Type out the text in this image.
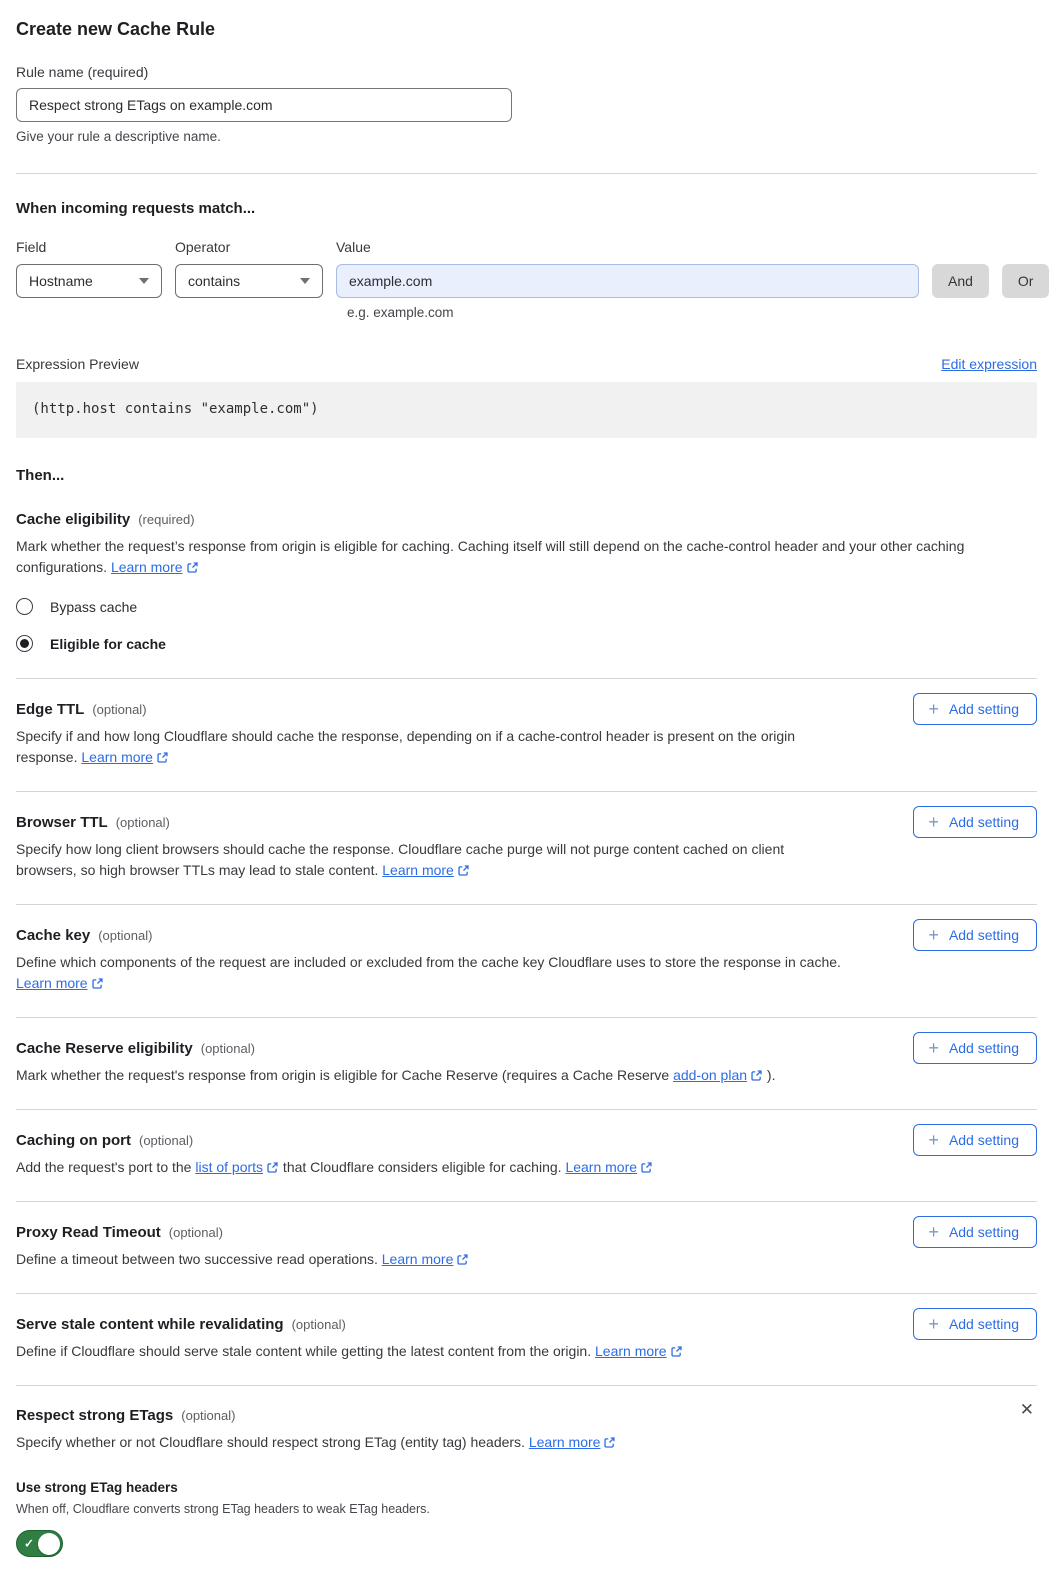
Create new Cache Rule
Rule name (required)
Respect strong ETags on example.com
Give your rule a descriptive name.
When incoming requests match...
Field
Hostname
Operator
contains
Value
example.com
And	Or
e.g. example.com
Expression Preview	Edit expression
(http.host contains "example.com")
Then...
Cache eligibility (required)
Mark whether the request’s response from origin is eligible for caching. Caching itself will still depend on the cache-control header and your other caching configurations. Learn more
Bypass cache
Eligible for cache
Edge TTL (optional)
Specify if and how long Cloudflare should cache the response, depending on if a cache-control header is present on the origin response. Learn more
+
Add setting
Browser TTL (optional)
Specify how long client browsers should cache the response. Cloudflare cache purge will not purge content cached on client browsers, so high browser TTLs may lead to stale content. Learn more
+
Add setting
Cache key (optional)
Define which components of the request are included or excluded from the cache key Cloudflare uses to store the response in cache. Learn more
+
Add setting
Cache Reserve eligibility (optional)
Mark whether the request's response from origin is eligible for Cache Reserve (requires a Cache Reserve add-on plan ).
+
Add setting
Caching on port (optional)
Add the request's port to the list of ports that Cloudflare considers eligible for caching. Learn more
+
Add setting
Proxy Read Timeout (optional)
Define a timeout between two successive read operations. Learn more
+
Add setting
Serve stale content while revalidating (optional)
Define if Cloudflare should serve stale content while getting the latest content from the origin. Learn more
+
Add setting
Respect strong ETags (optional)
✕
Specify whether or not Cloudflare should respect strong ETag (entity tag) headers. Learn more
Use strong ETag headers
When off, Cloudflare converts strong ETag headers to weak ETag headers.
✓
